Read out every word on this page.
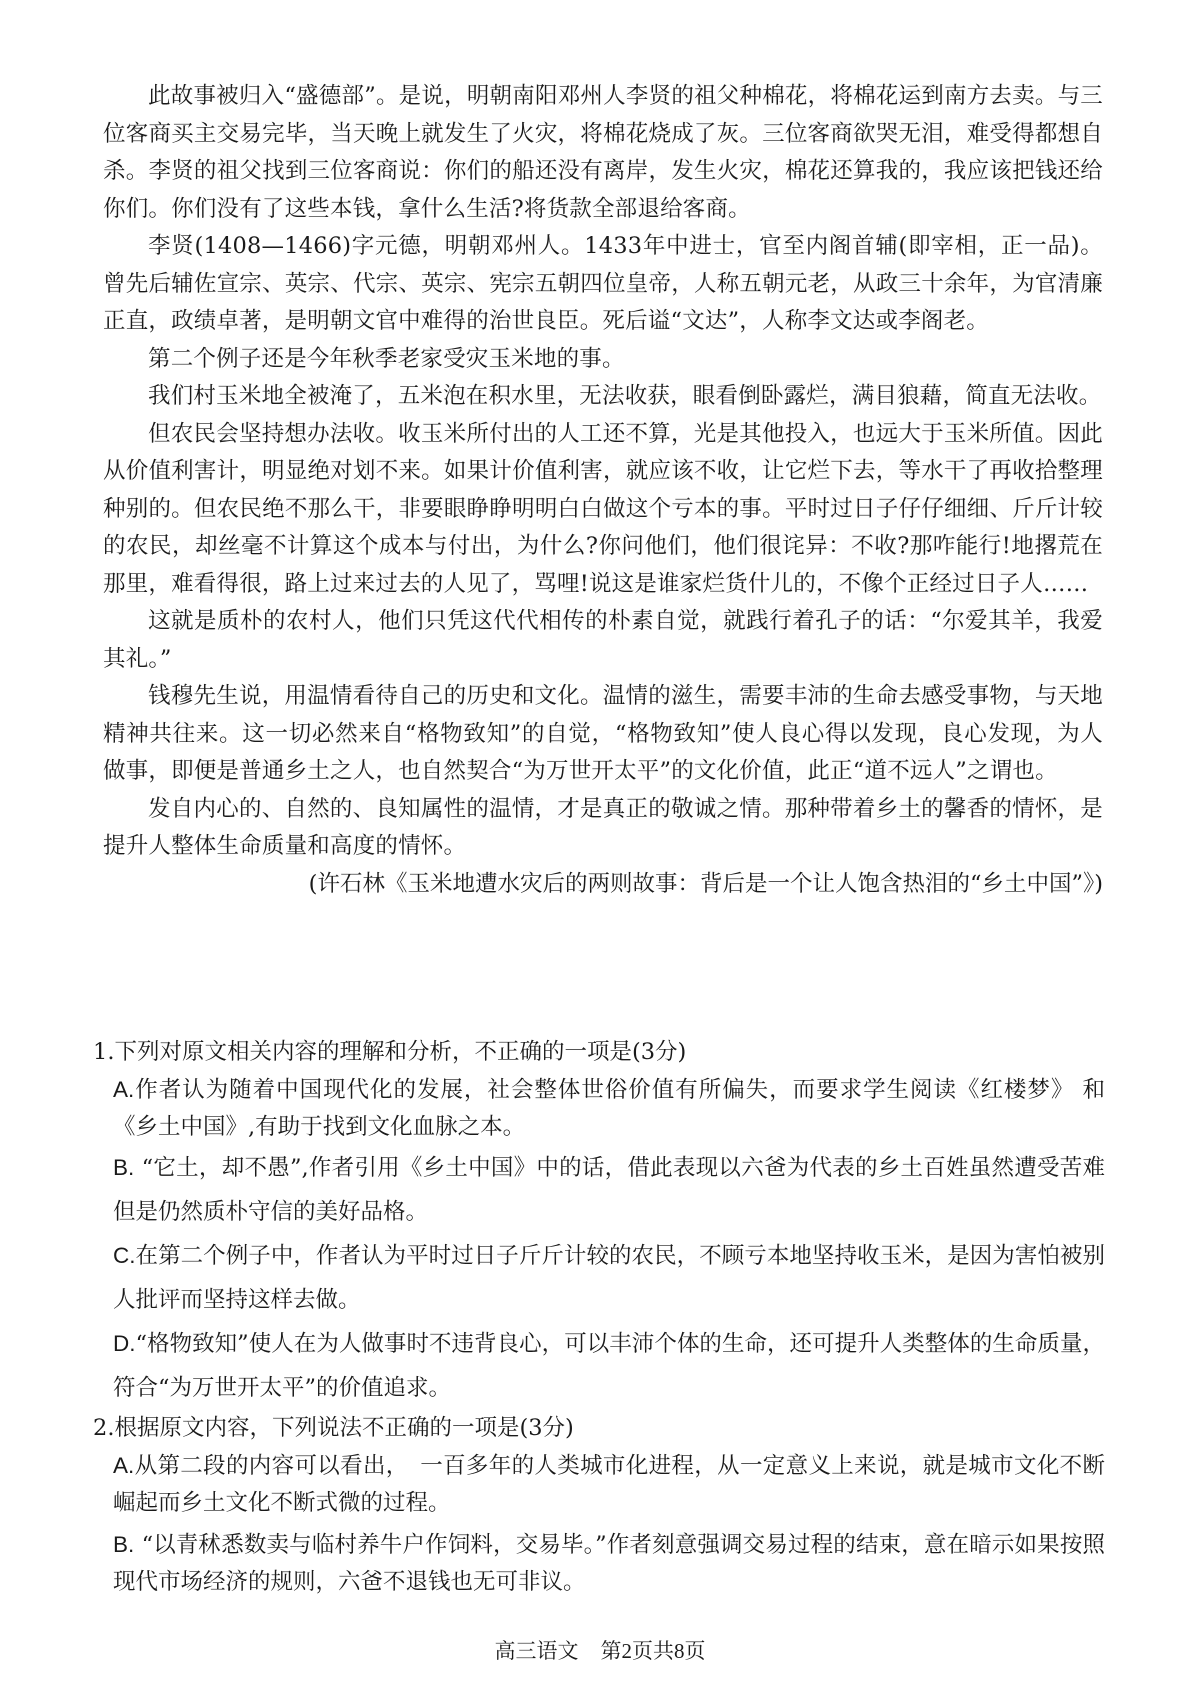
此故事被归入“盛德部”。是说，明朝南阳邓州人李贤的祖父种棉花，将棉花运到南方去卖。与三位客商买主交易完毕，当天晚上就发生了火灾，将棉花烧成了灰。三位客商欲哭无泪，难受得都想自杀。李贤的祖父找到三位客商说：你们的船还没有离岸，发生火灾，棉花还算我的，我应该把钱还给你们。你们没有了这些本钱，拿什么生活?将货款全部退给客商。

李贤(1408—1466)字元德，明朝邓州人。1433年中进士，官至内阁首辅(即宰相，正一品)。曾先后辅佐宣宗、英宗、代宗、英宗、宪宗五朝四位皇帝，人称五朝元老，从政三十余年，为官清廉正直，政绩卓著，是明朝文官中难得的治世良臣。死后谥“文达”，人称李文达或李阁老。

第二个例子还是今年秋季老家受灾玉米地的事。

我们村玉米地全被淹了，五米泡在积水里，无法收获，眼看倒卧露烂，满目狼藉，简直无法收。

但农民会坚持想办法收。收玉米所付出的人工还不算，光是其他投入，也远大于玉米所值。因此从价值利害计，明显绝对划不来。如果计价值利害，就应该不收，让它烂下去，等水干了再收拾整理种别的。但农民绝不那么干，非要眼睁睁明明白白做这个亏本的事。平时过日子仔仔细细、斤斤计较的农民，却丝毫不计算这个成本与付出，为什么?你问他们，他们很诧异：不收?那咋能行!地撂荒在那里，难看得很，路上过来过去的人见了，骂哩!说这是谁家烂货什儿的，不像个正经过日子人……

这就是质朴的农村人，他们只凭这代代相传的朴素自觉，就践行着孔子的话：“尔爱其羊，我爱其礼。”

钱穆先生说，用温情看待自己的历史和文化。温情的滋生，需要丰沛的生命去感受事物，与天地精神共往来。这一切必然来自“格物致知”的自觉，“格物致知”使人良心得以发现，良心发现，为人做事，即便是普通乡土之人，也自然契合“为万世开太平”的文化价值，此正“道不远人”之谓也。

发自内心的、自然的、良知属性的温情，才是真正的敬诚之情。那种带着乡土的馨香的情怀，是提升人整体生命质量和高度的情怀。

(许石林《玉米地遭水灾后的两则故事：背后是一个让人饱含热泪的“乡土中国”》)

1.下列对原文相关内容的理解和分析，不正确的一项是(3分)

A.作者认为随着中国现代化的发展，社会整体世俗价值有所偏失，而要求学生阅读《红楼梦》 和《乡土中国》,有助于找到文化血脉之本。

B. “它土，却不愚”,作者引用《乡土中国》中的话，借此表现以六爸为代表的乡土百姓虽然遭受苦难但是仍然质朴守信的美好品格。

C.在第二个例子中，作者认为平时过日子斤斤计较的农民，不顾亏本地坚持收玉米，是因为害怕被别人批评而坚持这样去做。

D.“格物致知”使人在为人做事时不违背良心，可以丰沛个体的生命，还可提升人类整体的生命质量，符合“为万世开太平”的价值追求。

2.根据原文内容，下列说法不正确的一项是(3分)

A.从第二段的内容可以看出，　一百多年的人类城市化进程，从一定意义上来说，就是城市文化不断崛起而乡土文化不断式微的过程。

B. “以青秫悉数卖与临村养牛户作饲料，交易毕。”作者刻意强调交易过程的结束，意在暗示如果按照现代市场经济的规则，六爸不退钱也无可非议。

高三语文 第2页共8页
